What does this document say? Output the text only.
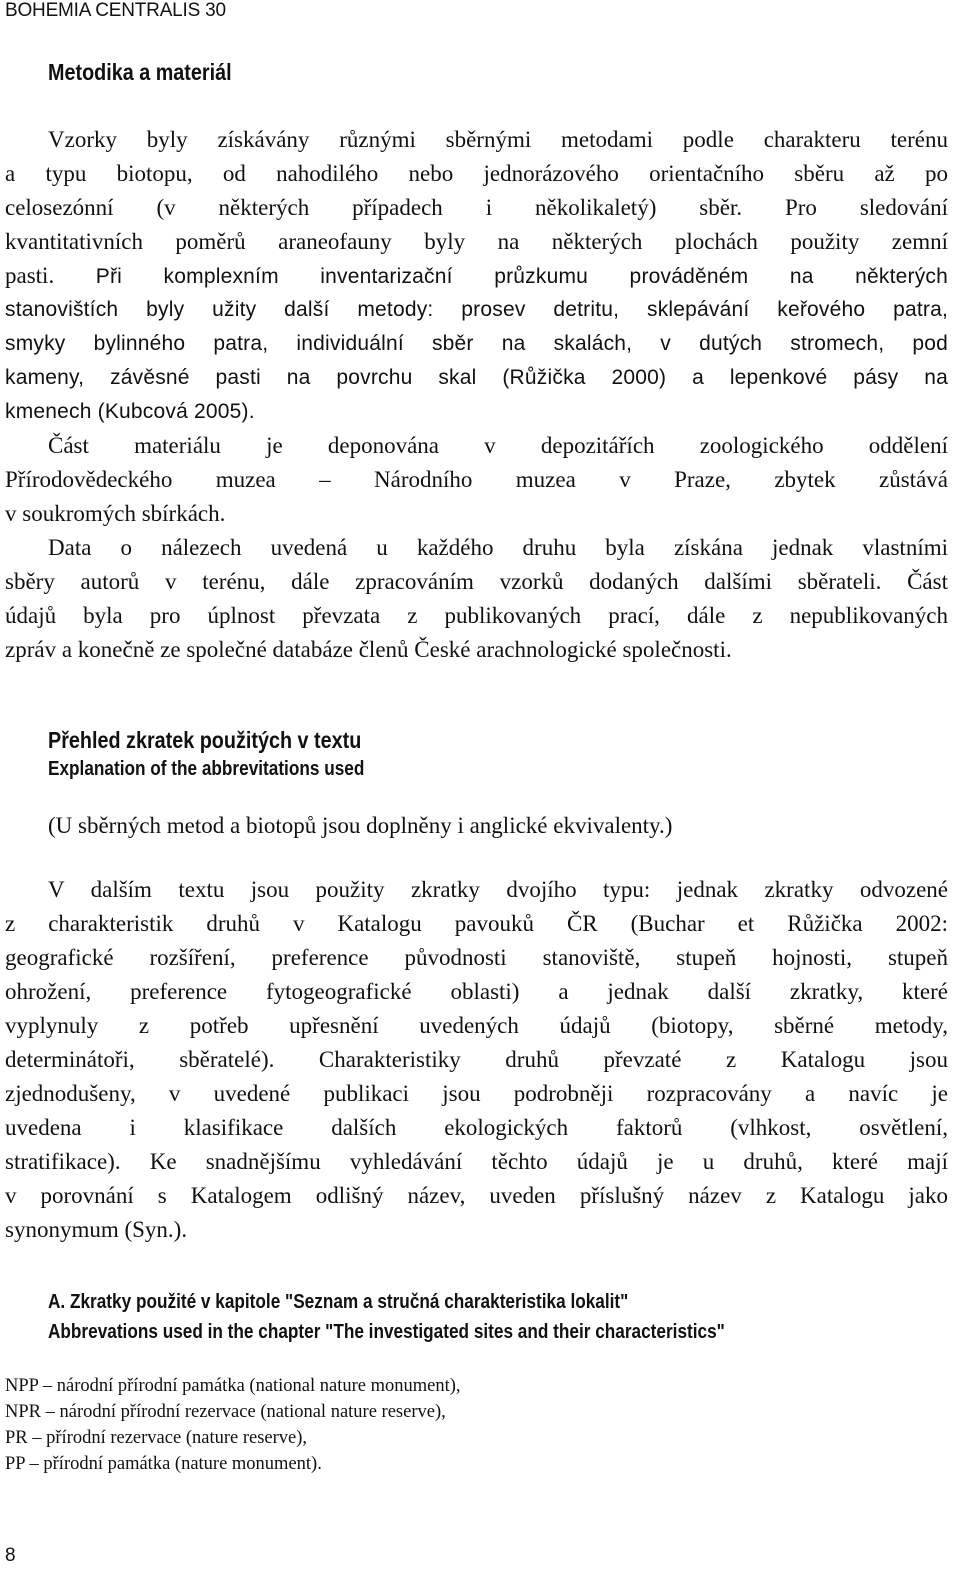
BOHEMIA CENTRALIS 30
Metodika a materiál
Vzorky byly získávány různými sběrnými metodami podle charakteru terénu
a typu biotopu, od nahodilého nebo jednorázového orientačního sběru až po
celosezónní (v některých případech i několikaletý) sběr. Pro sledování
kvantitativních poměrů araneofauny byly na některých plochách použity zemní
pasti. Při komplexním inventarizační průzkumu prováděném na některých
stanovištích byly užity další metody: prosev detritu, sklepávání keřového patra,
smyky bylinného patra, individuální sběr na skalách, v dutých stromech, pod
kameny, závěsné pasti na povrchu skal (Růžička 2000) a lepenkové pásy na
kmenech (Kubcová 2005).
Část materiálu je deponována v depozitářích zoologického oddělení
Přírodovědeckého muzea – Národního muzea v Praze, zbytek zůstává
v soukromých sbírkách.
Data o nálezech uvedená u každého druhu byla získána jednak vlastními
sběry autorů v terénu, dále zpracováním vzorků dodaných dalšími sběrateli. Část
údajů byla pro úplnost převzata z publikovaných prací, dále z nepublikovaných
zpráv a konečně ze společné databáze členů České arachnologické společnosti.
Přehled zkratek použitých v textu
Explanation of the abbrevitations used
(U sběrných metod a biotopů jsou doplněny i anglické ekvivalenty.)
V dalším textu jsou použity zkratky dvojího typu: jednak zkratky odvozené
z charakteristik druhů v Katalogu pavouků ČR (Buchar et Růžička 2002:
geografické rozšíření, preference původnosti stanoviště, stupeň hojnosti, stupeň
ohrožení, preference fytogeografické oblasti) a jednak další zkratky, které
vyplynuly z potřeb upřesnění uvedených údajů (biotopy, sběrné metody,
determinátoři, sběratelé). Charakteristiky druhů převzaté z Katalogu jsou
zjednodušeny, v uvedené publikaci jsou podrobněji rozpracovány a navíc je
uvedena i klasifikace dalších ekologických faktorů (vlhkost, osvětlení,
stratifikace). Ke snadnějšímu vyhledávání těchto údajů je u druhů, které mají
v porovnání s Katalogem odlišný název, uveden příslušný název z Katalogu jako
synonymum (Syn.).
A. Zkratky použité v kapitole "Seznam a stručná charakteristika lokalit"
Abbrevations used in the chapter "The investigated sites and their characteristics"
NPP – národní přírodní památka (national nature monument),
NPR – národní přírodní rezervace (national nature reserve),
PR – přírodní rezervace (nature reserve),
PP – přírodní památka (nature monument).
8
